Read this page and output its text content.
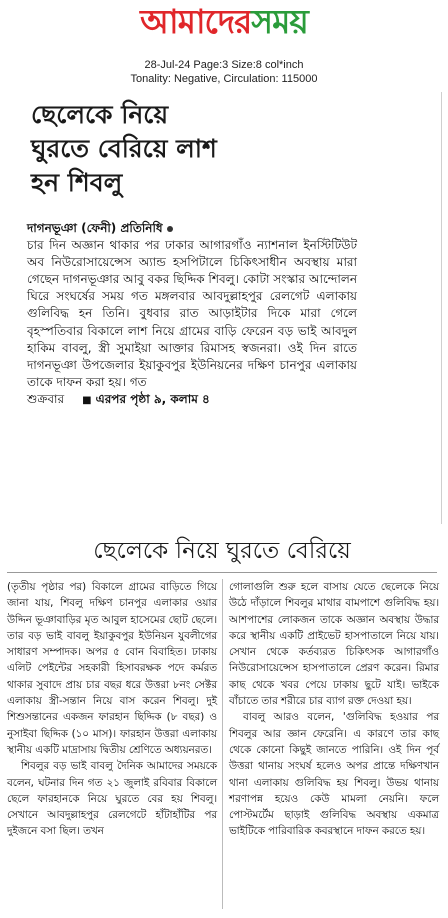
আমাদেরসময়
28-Jul-24 Page:3 Size:8 col*inch
Tonality: Negative, Circulation: 115000
ছেলেকে নিয়ে
ঘুরতে বেরিয়ে লাশ
হন শিবলু
দাগনভূঞা (ফেনী) প্রতিনিধি
চার দিন অজ্ঞান থাকার পর ঢাকার আগারগাঁও ন্যাশনাল ইনস্টিটিউট অব নিউরোসায়েন্সেস অ্যান্ড হসপিটালে চিকিৎসাধীন অবস্থায় মারা গেছেন দাগনভূঞার আবু বকর ছিদ্দিক শিবলু। কোটা সংস্কার আন্দোলন ঘিরে সংঘর্ষের সময় গত মঙ্গলবার আবদুল্লাহপুর রেলগেট এলাকায় গুলিবিদ্ধ হন তিনি। বুধবার রাত আড়াইটার দিকে মারা গেলে বৃহস্পতিবার বিকালে লাশ নিয়ে গ্রামের বাড়ি ফেরেন বড় ভাই আবদুল হাকিম বাবলু, স্ত্রী সুমাইয়া আক্তার রিমাসহ স্বজনরা। ওই দিন রাতে দাগনভূঞা উপজেলার ইয়াকুবপুর ইউনিয়নের দক্ষিণ চানপুর এলাকায় তাকে দাফন করা হয়। গত
শুক্রবার ■ এরপর পৃষ্ঠা ৯, কলাম ৪
ছেলেকে নিয়ে ঘুরতে বেরিয়ে

(তৃতীয় পৃষ্ঠার পর) বিকালে গ্রামের বাড়িতে গিয়ে জানা যায়, শিবলু দক্ষিণ চানপুর এলাকার ওয়ার উদ্দিন ভূঞাবাড়ির মৃত আবুল হাসেমের ছোট ছেলে। তার বড় ভাই বাবলু ইয়াকুবপুর ইউনিয়ন যুবলীগের সাধারণ সম্পাদক। অপর ৫ বোন বিবাহিত। ঢাকায় এলিট পেইন্টের সহকারী হিসাবরক্ষক পদে কর্মরত থাকার সুবাদে প্রায় চার বছর ধরে উত্তরা ৮নং সেক্টর এলাকায় স্ত্রী-সন্তান নিয়ে বাস করেন শিবলু। দুই শিশুসন্তানের একজন ফারহান ছিদ্দিক (৮ বছর) ও নুসাইবা ছিদ্দিক (১০ মাস)। ফারহান উত্তরা এলাকায় স্থানীয় একটি মাদ্রাসায় দ্বিতীয় শ্রেণিতে অধ্যয়নরত।

শিবলুর বড় ভাই বাবলু দৈনিক আমাদের সময়কে বলেন, ঘটনার দিন গত ২১ জুলাই রবিবার বিকালে ছেলে ফারহানকে নিয়ে ঘুরতে বের হয় শিবলু। সেখানে আবদুল্লাহপুর রেলগেটে হাঁটাহাঁটির পর দুইজনে বসা ছিল। তখন

গোলাগুলি শুরু হলে বাসায় যেতে ছেলেকে নিয়ে উঠে দাঁড়ালে শিবলুর মাথার বামপাশে গুলিবিদ্ধ হয়। আশপাশের লোকজন তাকে অজ্ঞান অবস্থায় উদ্ধার করে স্থানীয় একটি প্রাইভেট হাসপাতালে নিয়ে যায়। সেখান থেকে কর্তব্যরত চিকিৎসক আগারগাঁও নিউরোসায়েন্সেস হাসপাতালে প্রেরণ করেন। রিমার কাছ থেকে খবর পেয়ে ঢাকায় ছুটে যাই। ভাইকে বাঁচাতে তার শরীরে চার ব্যাগ রক্ত দেওয়া হয়।

বাবলু আরও বলেন, 'গুলিবিদ্ধ হওয়ার পর শিবলুর আর জ্ঞান ফেরেনি। এ কারণে তার কাছ থেকে কোনো কিছুই জানতে পারিনি। ওই দিন পূর্ব উত্তরা থানায় সংঘর্ষ হলেও অপর প্রান্তে দক্ষিণখান থানা এলাকায় গুলিবিদ্ধ হয় শিবলু। উভয় থানায় শরণাপন্ন হয়েও কেউ মামলা নেয়নি। ফলে পোস্টমর্টেম ছাড়াই গুলিবিদ্ধ অবস্থায় একমাত্র ভাইটিকে পারিবারিক কবরস্থানে দাফন করতে হয়।
